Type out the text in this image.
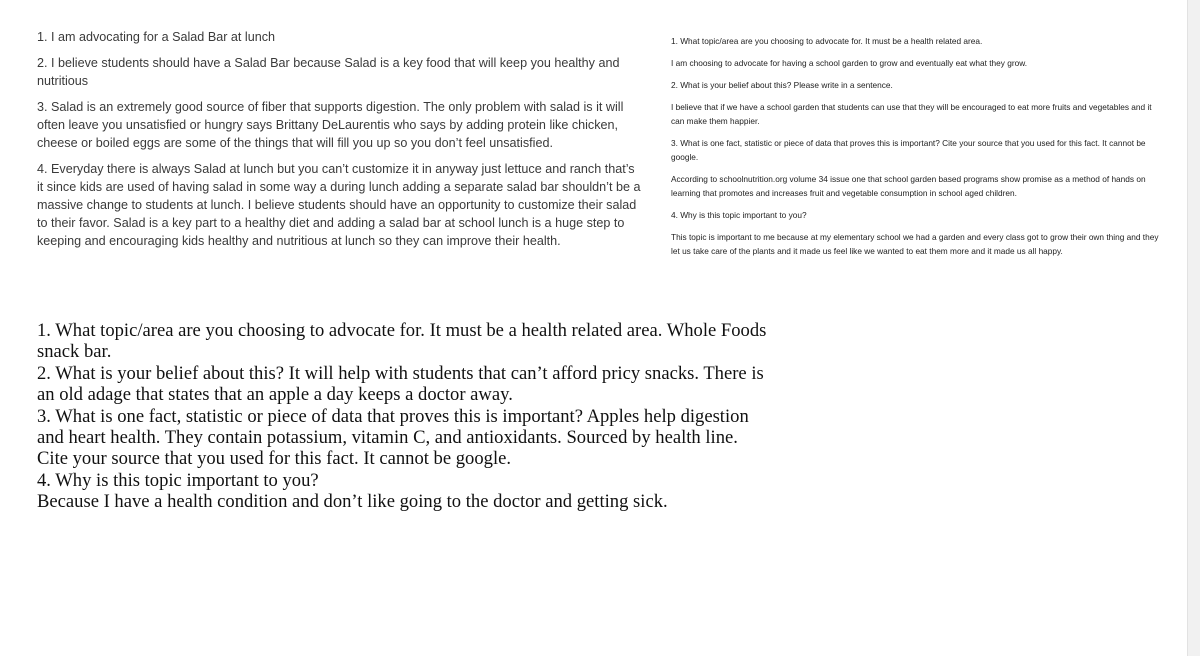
1. I am advocating for a Salad Bar at lunch

2. I believe students should have a Salad Bar because Salad is a key food that will keep you healthy and nutritious

3. Salad is an extremely good source of fiber that supports digestion. The only problem with salad is it will often leave you unsatisfied or hungry says Brittany DeLaurentis who says by adding protein like chicken, cheese or boiled eggs are some of the things that will fill you up so you don’t feel unsatisfied.

4. Everyday there is always Salad at lunch but you can’t customize it in anyway just lettuce and ranch that’s it since kids are used of having salad in some way a during lunch adding a separate salad bar shouldn’t be a massive change to students at lunch. I believe students should have an opportunity to customize their salad to their favor. Salad is a key part to a healthy diet and adding a salad bar at school lunch is a huge step to keeping and encouraging kids healthy and nutritious at lunch so they can improve their health.

1. What topic/area are you choosing to advocate for. It must be a health related area.

I am choosing to advocate for having a school garden to grow and eventually eat what they grow.

2. What is your belief about this? Please write in a sentence.

I believe that if we have a school garden that students can use that they will be encouraged to eat more fruits and vegetables and it can make them happier.

3. What is one fact, statistic or piece of data that proves this is important? Cite your source that you used for this fact. It cannot be google.

According to schoolnutrition.org volume 34 issue one that school garden based programs show promise as a method of hands on learning that promotes and increases fruit and vegetable consumption in school aged children.

4. Why is this topic important to you?

This topic is important to me because at my elementary school we had a garden and every class got to grow their own thing and they let us take care of the plants and it made us feel like we wanted to eat them more and it made us all happy.

1. What topic/area are you choosing to advocate for. It must be a health related area. Whole Foods snack bar.

2. What is your belief about this? It will help with students that can’t afford pricy snacks. There is an old adage that states that an apple a day keeps a doctor away.

3. What is one fact, statistic or piece of data that proves this is important? Apples help digestion and heart health. They contain potassium, vitamin C, and antioxidants. Sourced by health line. Cite your source that you used for this fact. It cannot be google.

4. Why is this topic important to you?

Because I have a health condition and don’t like going to the doctor and getting sick.
